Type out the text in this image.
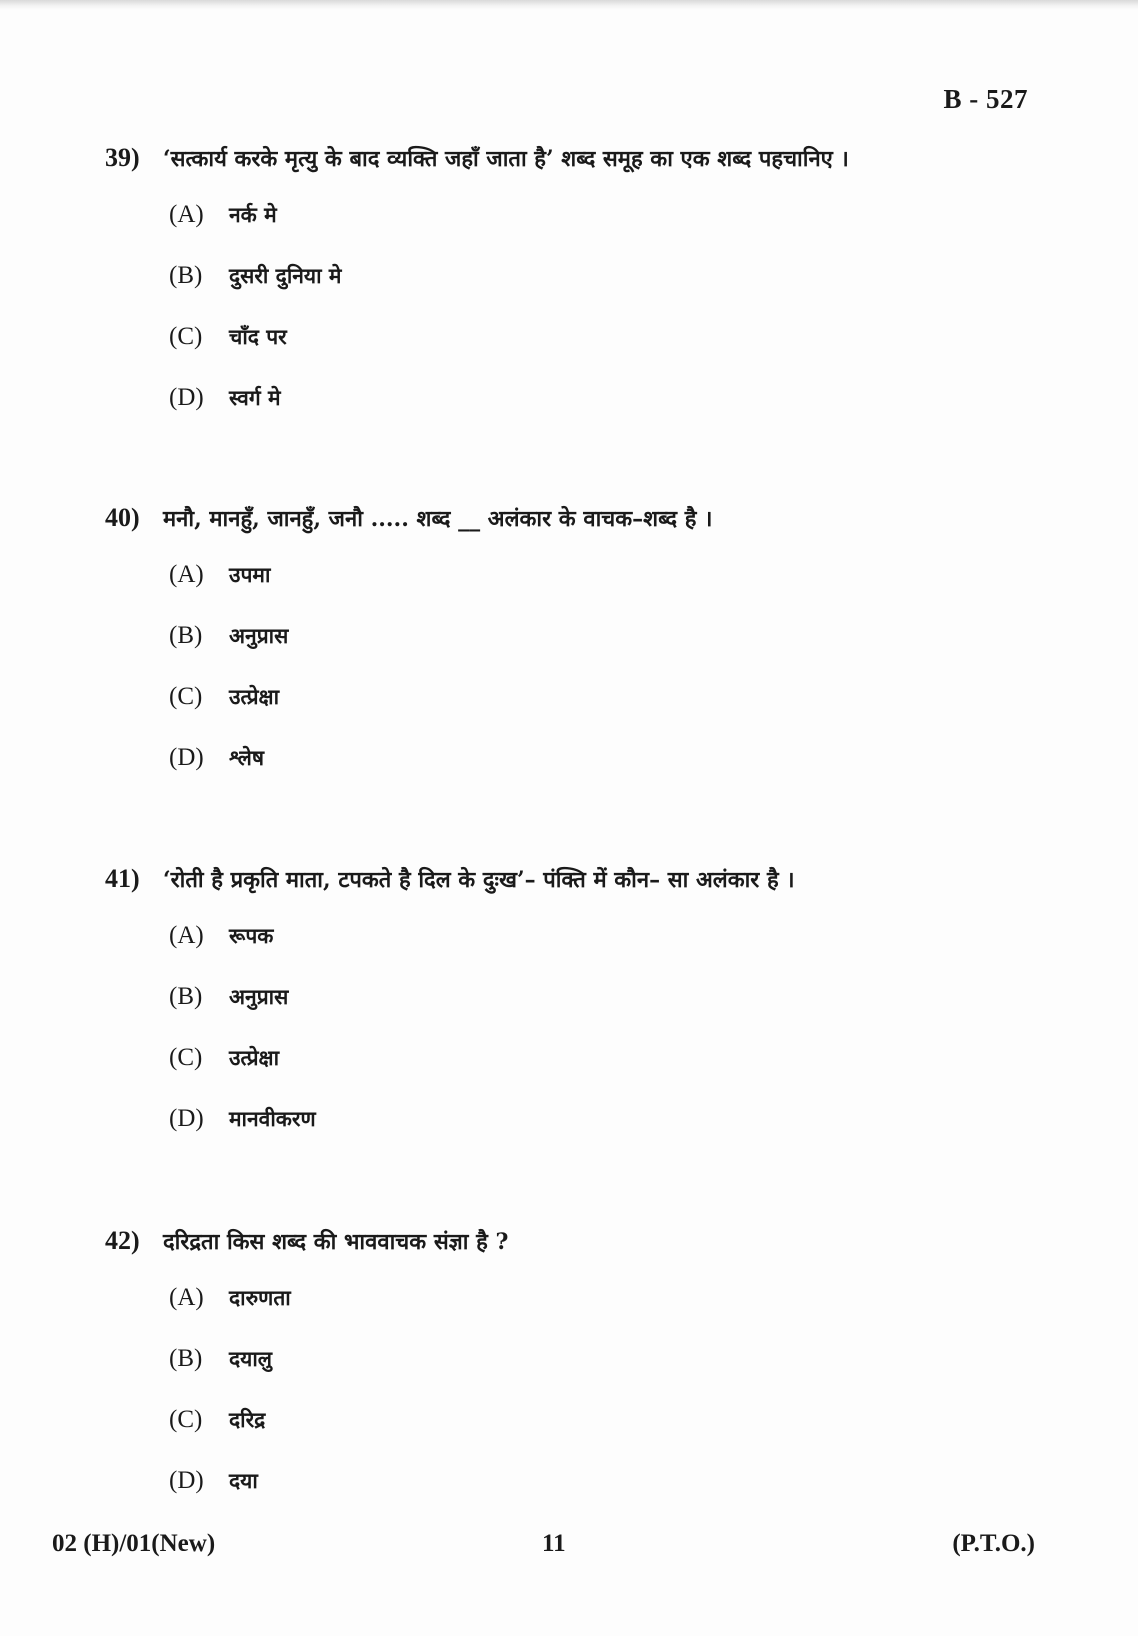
B - 527
39)	‘सत्कार्य करके मृत्यु के बाद व्यक्ति जहाँ जाता है’ शब्द समूह का एक शब्द पहचानिए ।
(A)	नर्क मे
(B)	दुसरी दुनिया मे
(C)	चाँद पर
(D)	स्वर्ग मे
40)	मनौ, मानहुँ, जानहुँ, जनौ ..... शब्द __ अलंकार के वाचक–शब्द है ।
(A)	उपमा
(B)	अनुप्रास
(C)	उत्प्रेक्षा
(D)	श्लेष
41)	‘रोती है प्रकृति माता, टपकते है दिल के दुःख’– पंक्ति में कौन– सा अलंकार है ।
(A)	रूपक
(B)	अनुप्रास
(C)	उत्प्रेक्षा
(D)	मानवीकरण
42)	दरिद्रता किस शब्द की भाववाचक संज्ञा है ?
(A)	दारुणता
(B)	दयालु
(C)	दरिद्र
(D)	दया
02 (H)/01(New)	11	(P.T.O.)
